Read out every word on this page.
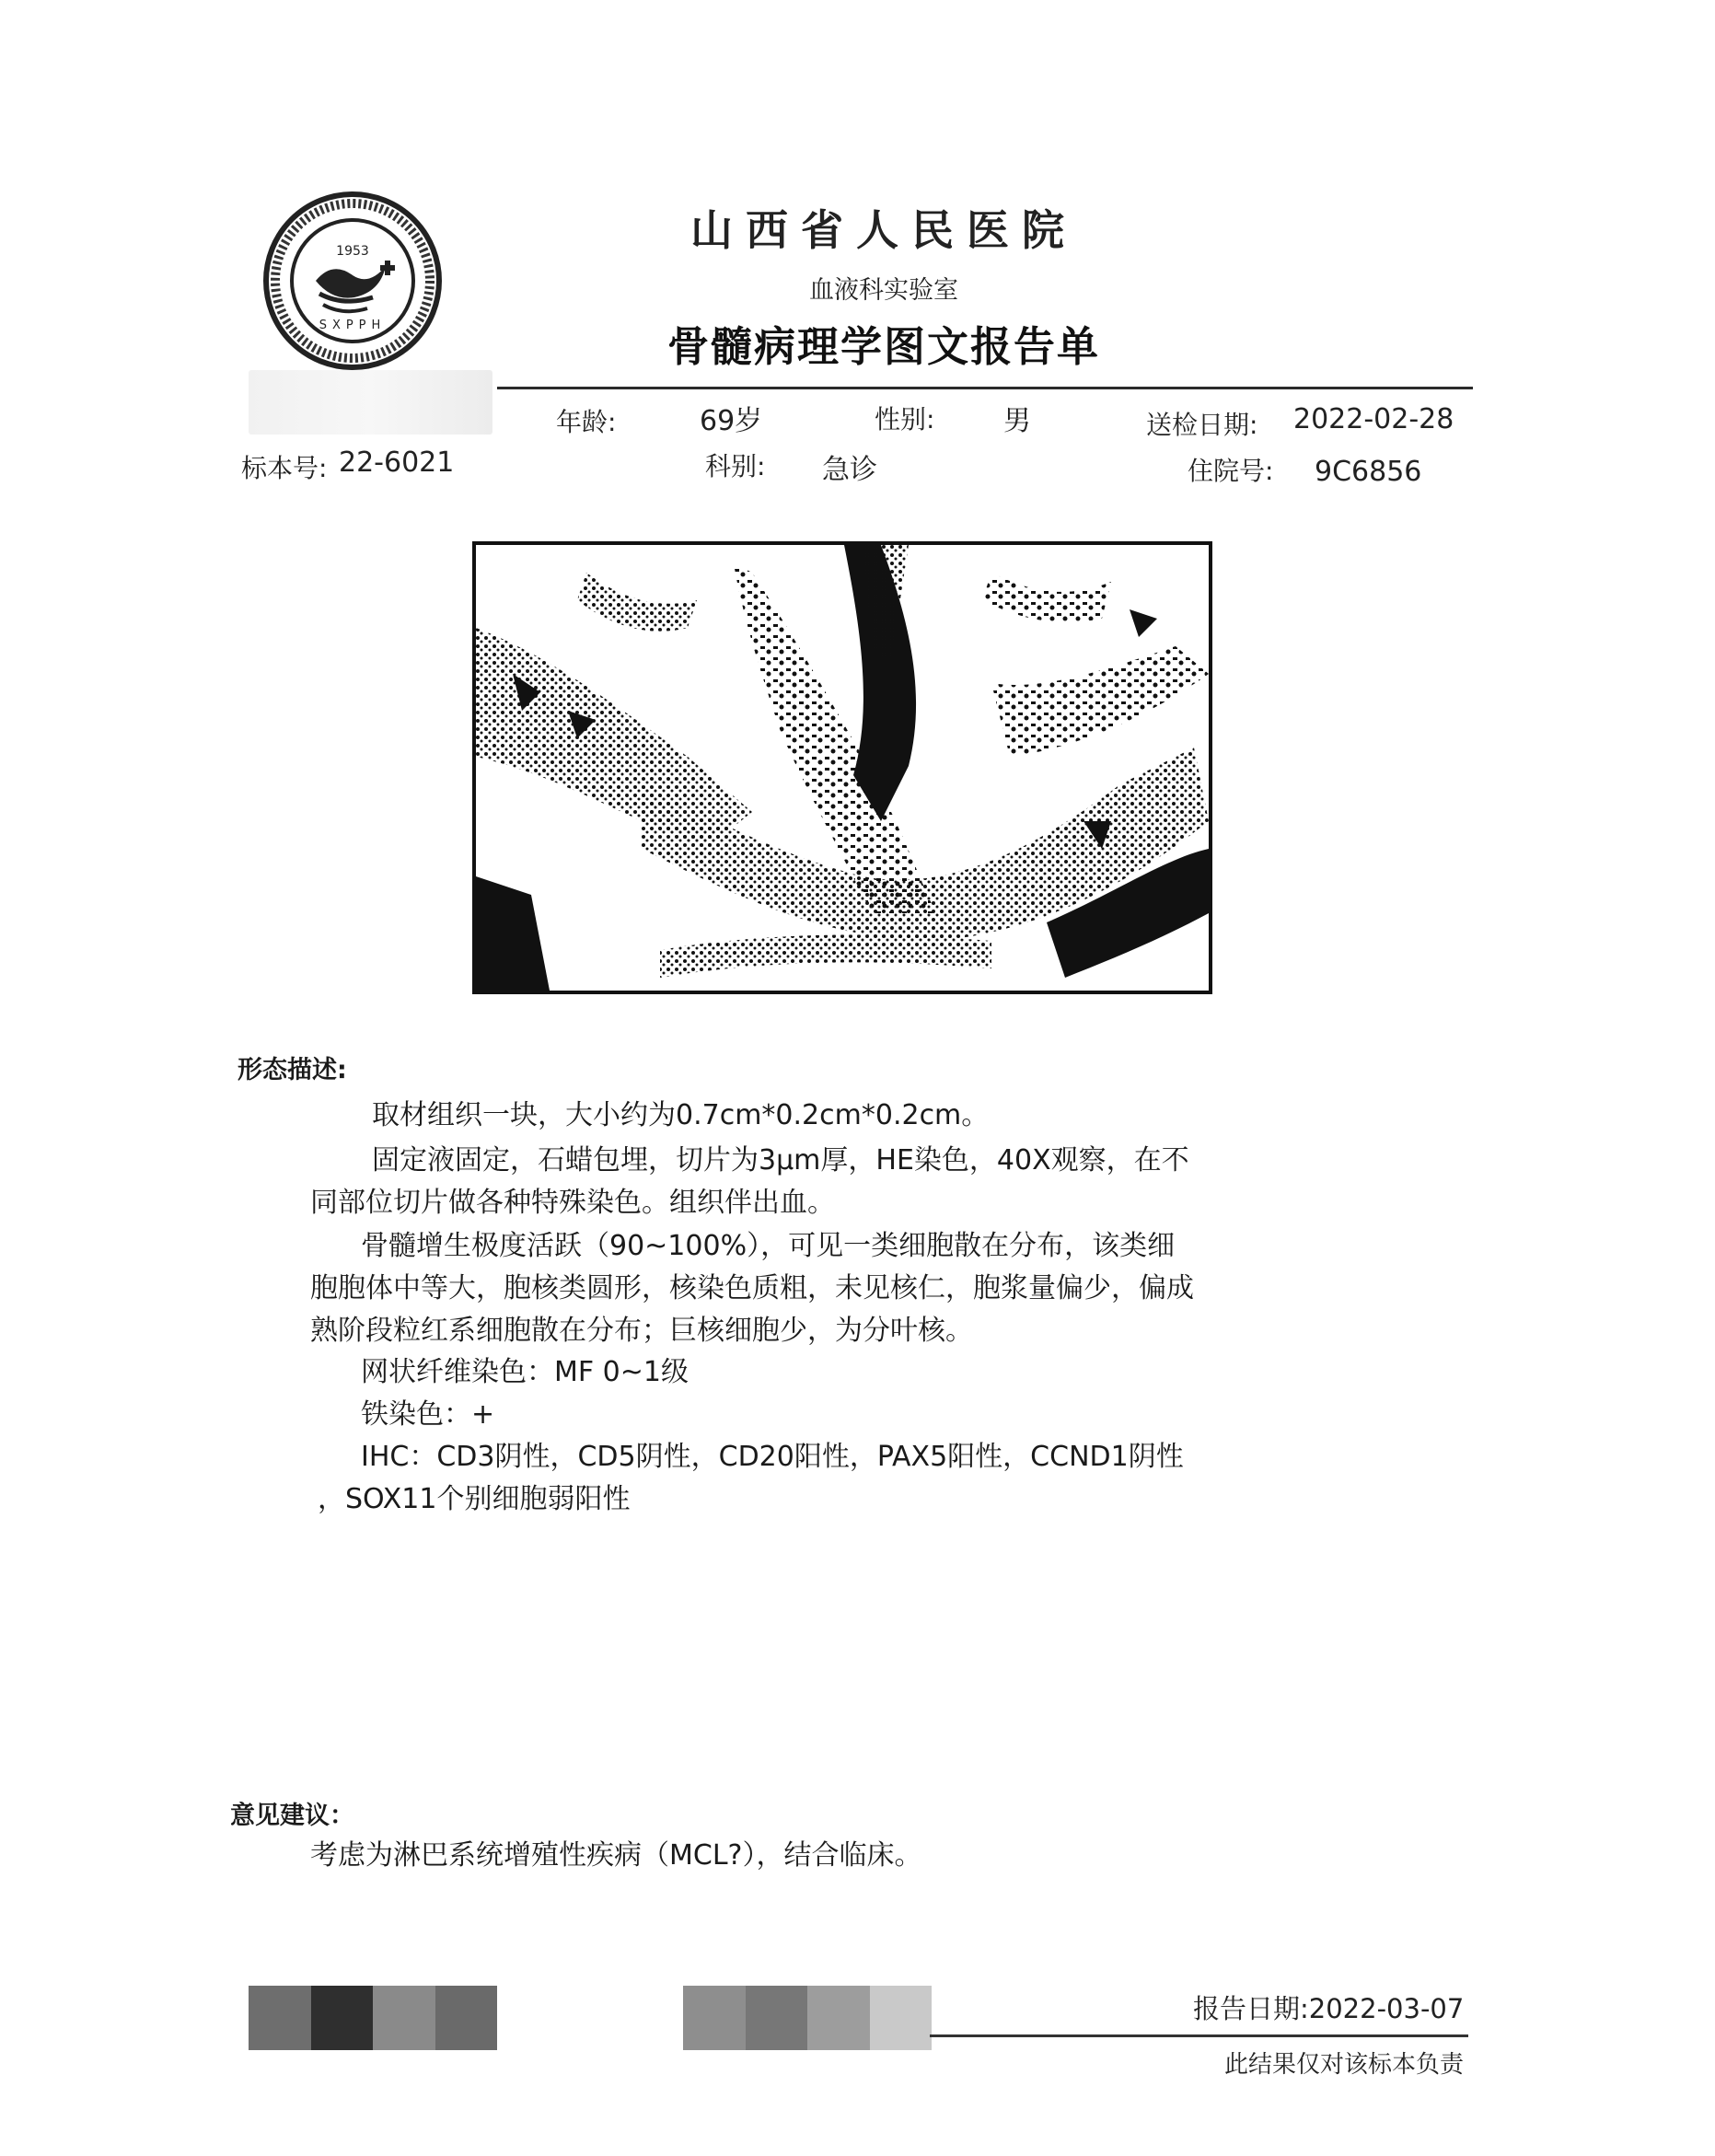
1953
SXPPH
山西省人民医院
血液科实验室
骨髓病理学图文报告单
年龄:	69岁	性别: 男	送检日期: 2022-02-28
标本号: 22-6021	科别: 急诊	住院号: 9C6856
形态描述:
取材组织一块，大小约为0.7cm*0.2cm*0.2cm。
固定液固定，石蜡包埋，切片为3μm厚，HE染色，40X观察，在不
同部位切片做各种特殊染色。组织伴出血。
骨髓增生极度活跃（90~100%），可见一类细胞散在分布，该类细
胞胞体中等大，胞核类圆形，核染色质粗，未见核仁，胞浆量偏少，偏成
熟阶段粒红系细胞散在分布；巨核细胞少，为分叶核。
网状纤维染色：MF 0~1级
铁染色：+
IHC：CD3阴性，CD5阴性，CD20阳性，PAX5阳性，CCND1阴性
，SOX11个别细胞弱阳性
意见建议：
考虑为淋巴系统增殖性疾病（MCL?），结合临床。
报告日期:2022-03-07
此结果仅对该标本负责
